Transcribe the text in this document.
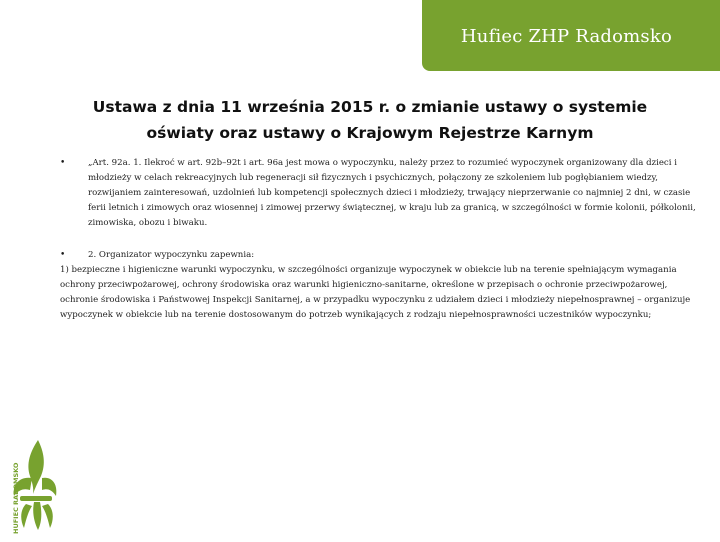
Hufiec ZHP Radomsko
Ustawa z dnia 11 września 2015 r. o zmianie ustawy o systemie oświaty oraz ustawy o Krajowym Rejestrze Karnym
•	„Art. 92a. 1. Ilekroć w art. 92b–92t i art. 96a jest mowa o wypoczynku, należy przez to rozumieć wypoczynek organizowany dla dzieci i młodzieży w celach rekreacyjnych lub regeneracji sił fizycznych i psychicznych, połączony ze szkoleniem lub pogłębianiem wiedzy, rozwijaniem zainteresowań, uzdolnień lub kompetencji społecznych dzieci i młodzieży, trwający nieprzerwanie co najmniej 2 dni, w czasie ferii letnich i zimowych oraz wiosennej i zimowej przerwy świątecznej, w kraju lub za granicą, w szczególności w formie kolonii, półkolonii, zimowiska, obozu i biwaku.
•	2. Organizator wypoczynku zapewnia:
1) bezpieczne i higieniczne warunki wypoczynku, w szczególności organizuje wypoczynek w obiekcie lub na terenie spełniającym wymagania ochrony przeciwpożarowej, ochrony środowiska oraz warunki higieniczno-sanitarne, określone w przepisach o ochronie przeciwpożarowej, ochronie środowiska i Państwowej Inspekcji Sanitarnej, a w przypadku wypoczynku z udziałem dzieci i młodzieży niepełnosprawnej – organizuje wypoczynek w obiekcie lub na terenie dostosowanym do potrzeb wynikających z rodzaju niepełnosprawności uczestników wypoczynku;
HUFIEC RADOMSKO
